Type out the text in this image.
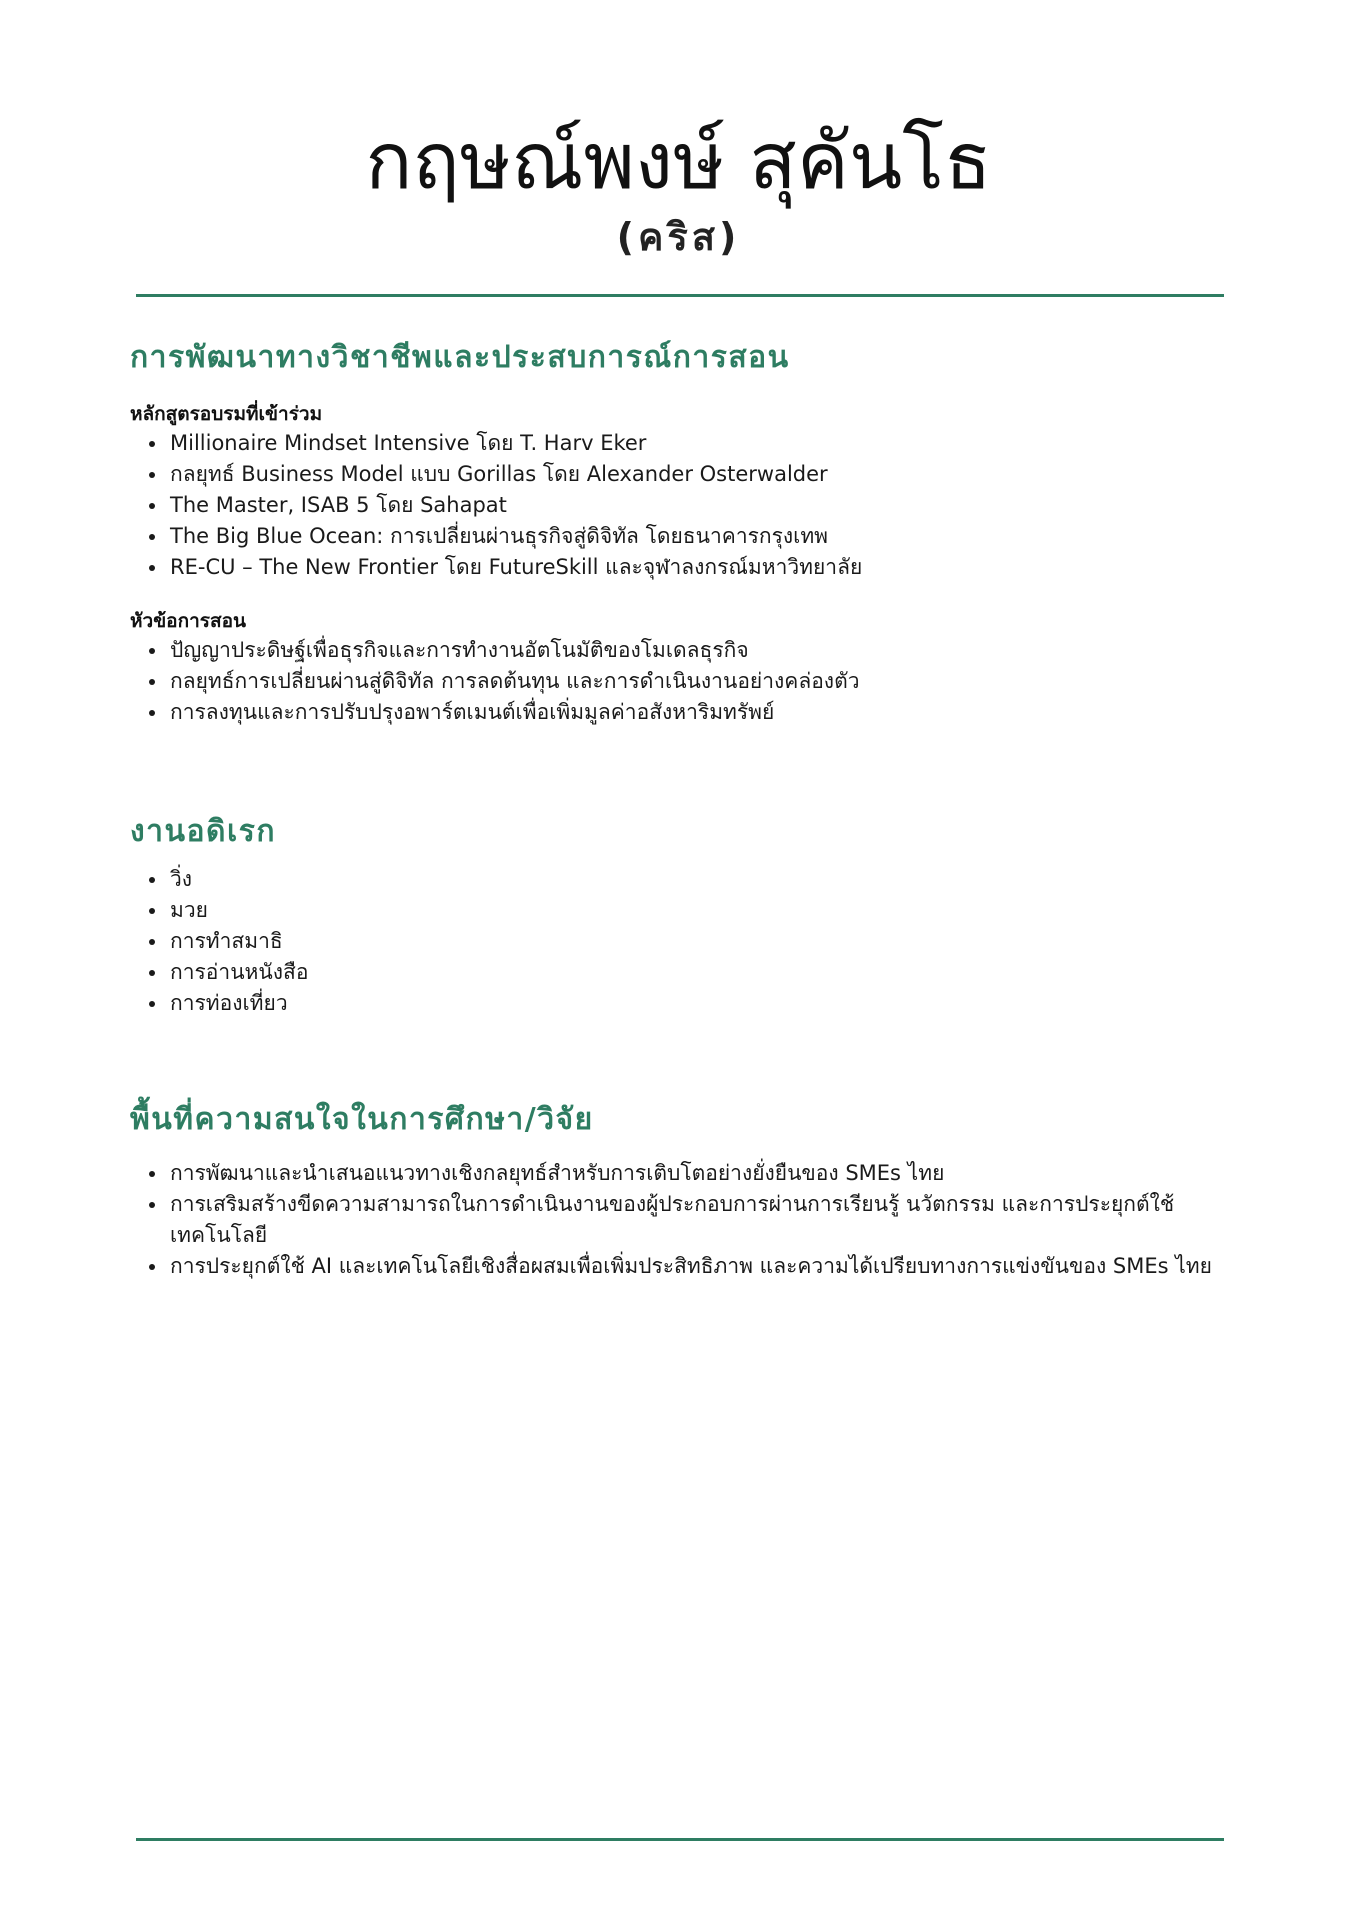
กฤษณ์พงษ์ สุคันโธ
(คริส)
การพัฒนาทางวิชาชีพและประสบการณ์การสอน
หลักสูตรอบรมที่เข้าร่วม
• Millionaire Mindset Intensive โดย T. Harv Eker
• กลยุทธ์ Business Model แบบ Gorillas โดย Alexander Osterwalder
• The Master, ISAB 5 โดย Sahapat
• The Big Blue Ocean: การเปลี่ยนผ่านธุรกิจสู่ดิจิทัล โดยธนาคารกรุงเทพ
• RE-CU – The New Frontier โดย FutureSkill และจุฬาลงกรณ์มหาวิทยาลัย
หัวข้อการสอน
• ปัญญาประดิษฐ์เพื่อธุรกิจและการทำงานอัตโนมัติของโมเดลธุรกิจ
• กลยุทธ์การเปลี่ยนผ่านสู่ดิจิทัล การลดต้นทุน และการดำเนินงานอย่างคล่องตัว
• การลงทุนและการปรับปรุงอพาร์ตเมนต์เพื่อเพิ่มมูลค่าอสังหาริมทรัพย์
งานอดิเรก
• วิ่ง
• มวย
• การทำสมาธิ
• การอ่านหนังสือ
• การท่องเที่ยว
พื้นที่ความสนใจในการศึกษา/วิจัย
• การพัฒนาและนำเสนอแนวทางเชิงกลยุทธ์สำหรับการเติบโตอย่างยั่งยืนของ SMEs ไทย
• การเสริมสร้างขีดความสามารถในการดำเนินงานของผู้ประกอบการผ่านการเรียนรู้ นวัตกรรม และการประยุกต์ใช้เทคโนโลยี
• การประยุกต์ใช้ AI และเทคโนโลยีเชิงสื่อผสมเพื่อเพิ่มประสิทธิภาพ และความได้เปรียบทางการแข่งขันของ SMEs ไทย
